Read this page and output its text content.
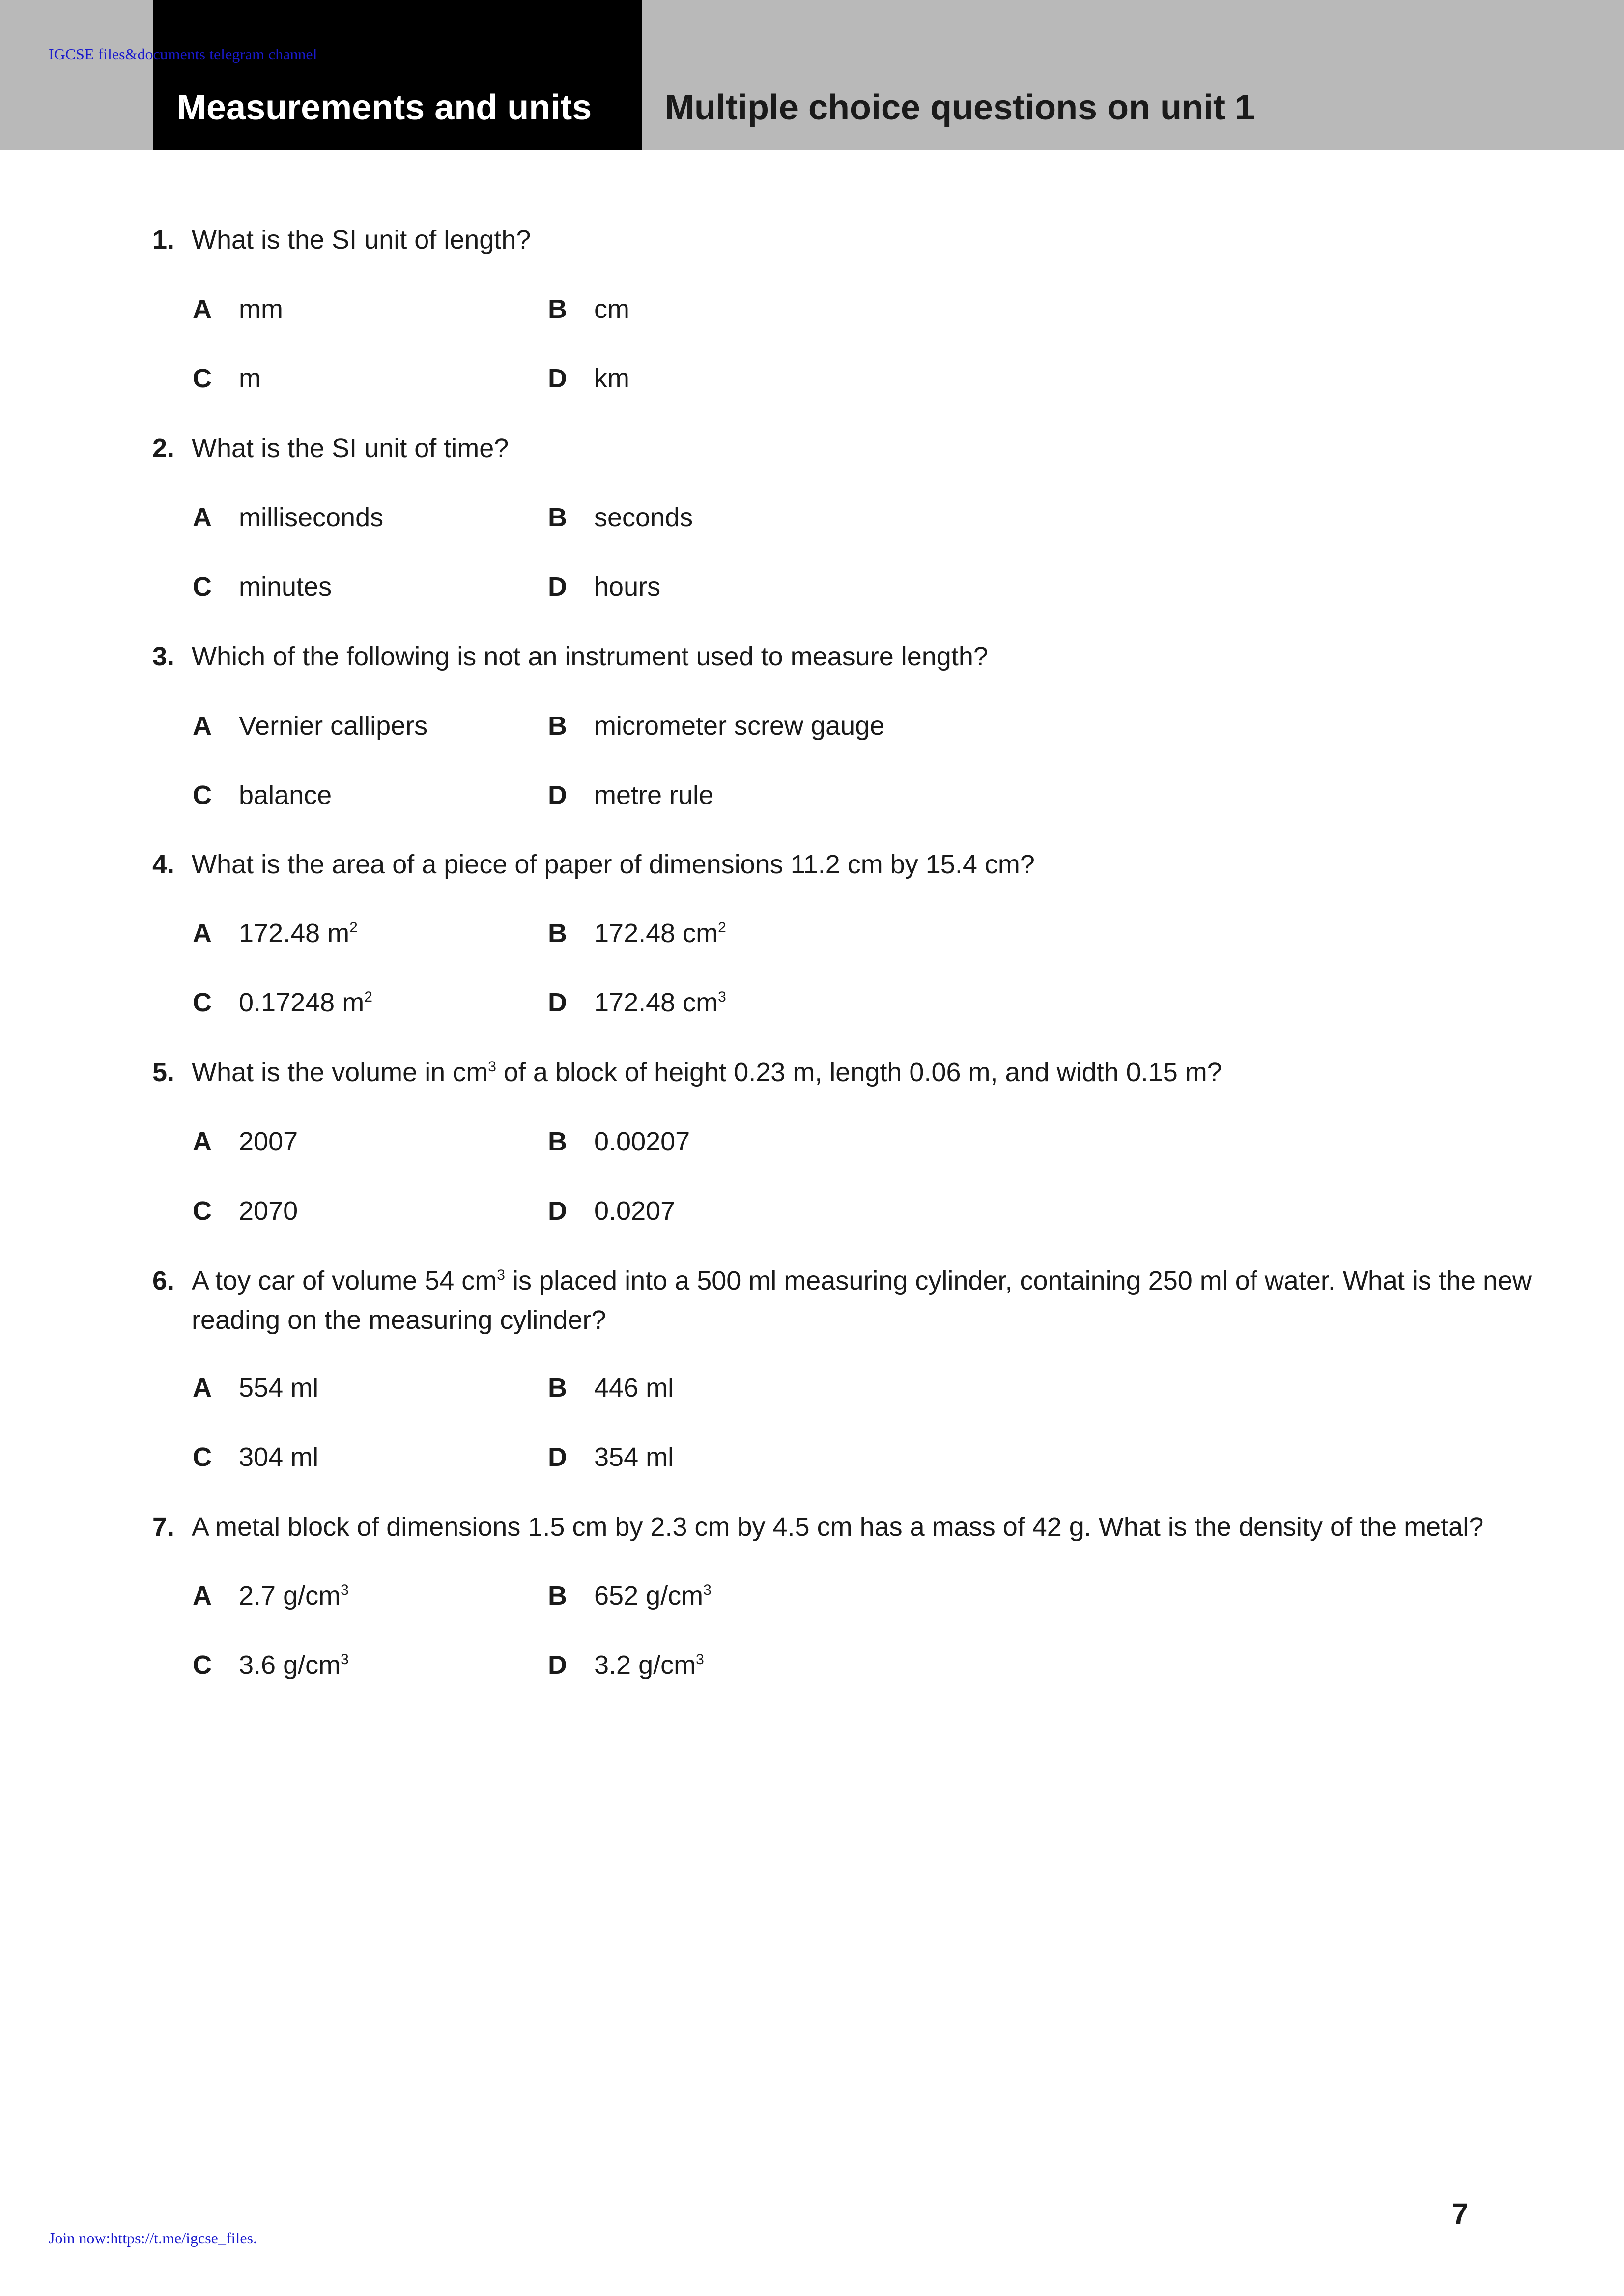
IGCSE files&documents telegram channel
Measurements and units Multiple choice questions on unit 1
1. What is the SI unit of length?
A mm	B cm
C m	D km
2. What is the SI unit of time?
A milliseconds	B seconds
C minutes	D hours
3. Which of the following is not an instrument used to measure length?
A Vernier callipers	B micrometer screw gauge
C balance	D metre rule
4. What is the area of a piece of paper of dimensions 11.2 cm by 15.4 cm?
A 172.48 $m^2$	B 172.48 $cm^2$
C 0.17248 $m^2$	D 172.48 $cm^3$
5. What is the volume in $cm^3$ of a block of height 0.23 m, length 0.06 m, and width 0.15 m?
A 2007	B 0.00207
C 2070	D 0.0207
6. A toy car of volume 54 $cm^3$ is placed into a 500 ml measuring cylinder, containing 250 ml of water. What is the new
reading on the measuring cylinder?
A 554 ml	B 446 ml
C 304 ml	D 354 ml
7. A metal block of dimensions 1.5 cm by 2.3 cm by 4.5 cm has a mass of 42 g. What is the density of the metal?
A 2.7 $g/cm^3$	B 652 $g/cm^3$
C 3.6 $g/cm^3$	D 3.2 $g/cm^3$
7
Join now:https://t.me/igcse_files.
